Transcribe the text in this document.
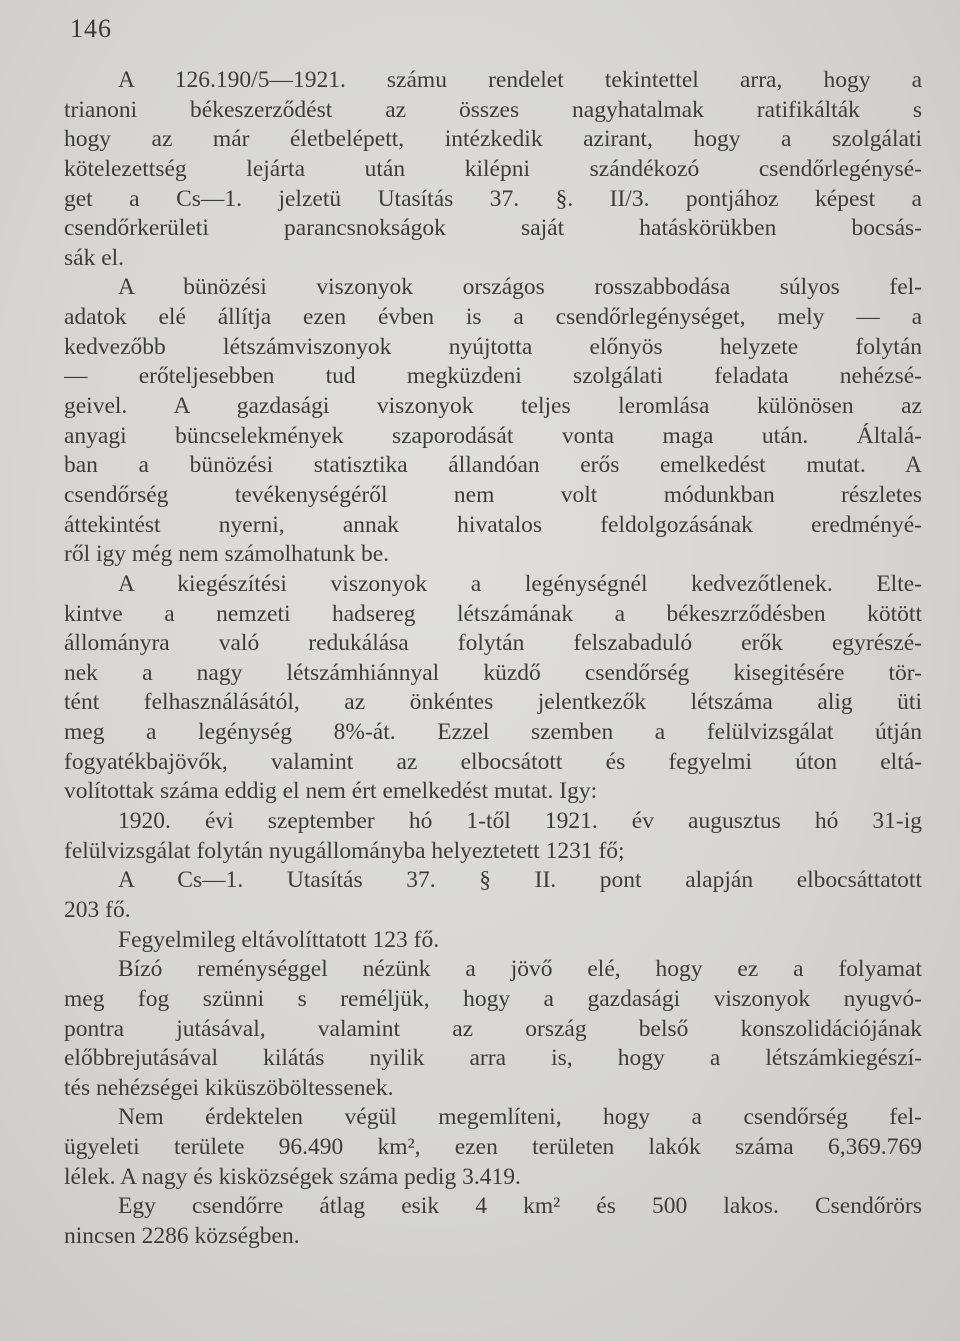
146
A 126.190/5—1921. számu rendelet tekintettel arra, hogy a
trianoni békeszerződést az összes nagyhatalmak ratifikálták s
hogy az már életbelépett, intézkedik azirant, hogy a szolgálati
kötelezettség lejárta után kilépni szándékozó csendőrlegénysé-
get a Cs—1. jelzetü Utasítás 37. §. II/3. pontjához képest a
csendőrkerületi parancsnokságok saját hatáskörükben bocsás-
sák el.
A bünözési viszonyok országos rosszabbodása súlyos fel-
adatok elé állítja ezen évben is a csendőrlegénységet, mely — a
kedvezőbb létszámviszonyok nyújtotta előnyös helyzete folytán
— erőteljesebben tud megküzdeni szolgálati feladata nehézsé-
geivel. A gazdasági viszonyok teljes leromlása különösen az
anyagi büncselekmények szaporodását vonta maga után. Általá-
ban a bünözési statisztika állandóan erős emelkedést mutat. A
csendőrség tevékenységéről nem volt módunkban részletes
áttekintést nyerni, annak hivatalos feldolgozásának eredményé-
ről igy még nem számolhatunk be.
A kiegészítési viszonyok a legénységnél kedvezőtlenek. Elte-
kintve a nemzeti hadsereg létszámának a békeszrződésben kötött
állományra való redukálása folytán felszabaduló erők egyrészé-
nek a nagy létszámhiánnyal küzdő csendőrség kisegitésére tör-
tént felhasználásától, az önkéntes jelentkezők létszáma alig üti
meg a legénység 8%-át. Ezzel szemben a felülvizsgálat útján
fogyatékbajövők, valamint az elbocsátott és fegyelmi úton eltá-
volítottak száma eddig el nem ért emelkedést mutat. Igy:
1920. évi szeptember hó 1-től 1921. év augusztus hó 31-ig
felülvizsgálat folytán nyugállományba helyeztetett 1231 fő;
A Cs—1. Utasítás 37. § II. pont alapján elbocsáttatott
203 fő.
Fegyelmileg eltávolíttatott 123 fő.
Bízó reménységgel nézünk a jövő elé, hogy ez a folyamat
meg fog szünni s reméljük, hogy a gazdasági viszonyok nyugvó-
pontra jutásával, valamint az ország belső konszolidációjának
előbbrejutásával kilátás nyilik arra is, hogy a létszámkiegészí-
tés nehézségei kiküszöböltessenek.
Nem érdektelen végül megemlíteni, hogy a csendőrség fel-
ügyeleti területe 96.490 km², ezen területen lakók száma 6,369.769
lélek. A nagy és kisközségek száma pedig 3.419.
Egy csendőrre átlag esik 4 km² és 500 lakos. Csendőrörs
nincsen 2286 községben.
